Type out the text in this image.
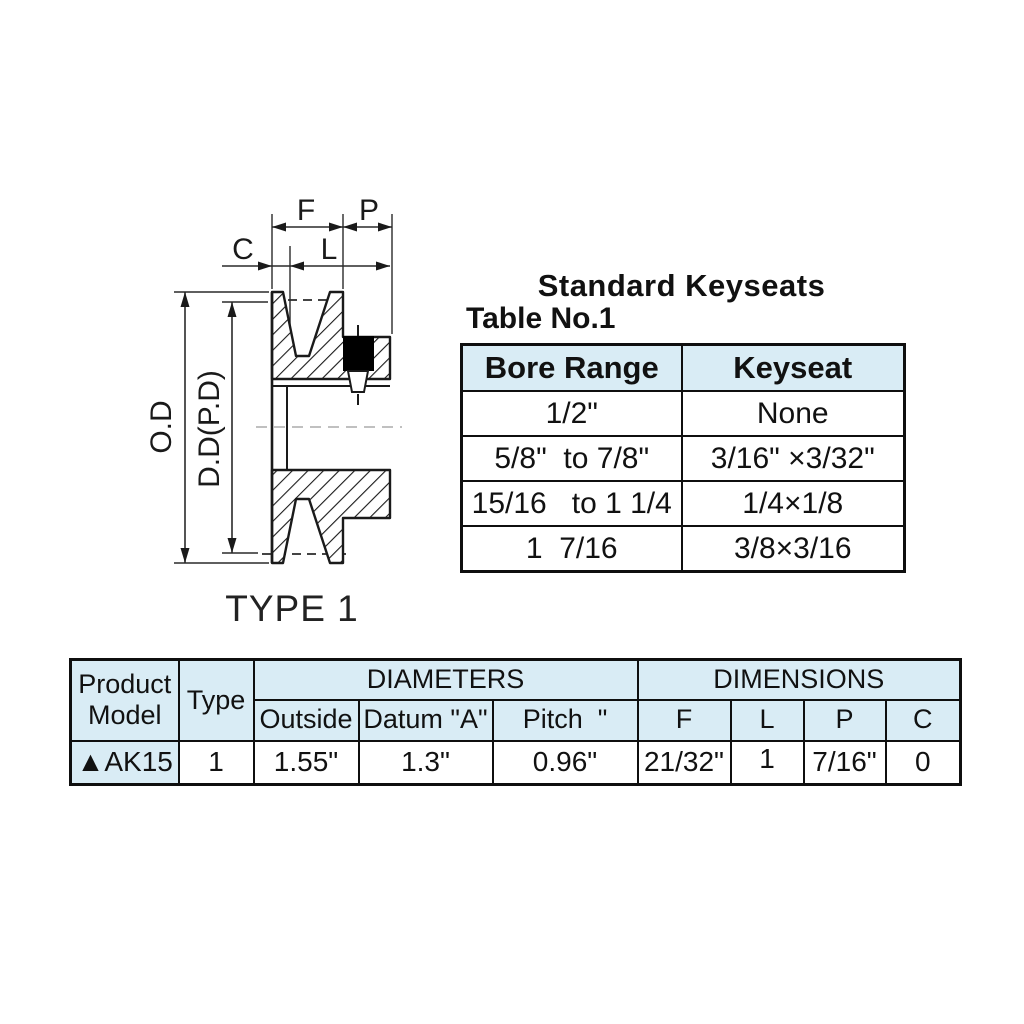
F P
C L
O.D D.D(P.D)
TYPE 1
Standard Keyseats
Table No.1
Bore Range	Keyseat
1/2"	None
5/8"  to 7/8"	3/16" ×3/32"
15/16   to 1 1/4	1/4×1/8
1  7/16	3/8×3/16
Product Model	Type	DIAMETERS			DIMENSIONS			
		Outside	Datum "A"	Pitch  "	F	L	P	C
▲AK15	1	1.55"	1.3"	0.96"	21/32"	1	7/16"	0
